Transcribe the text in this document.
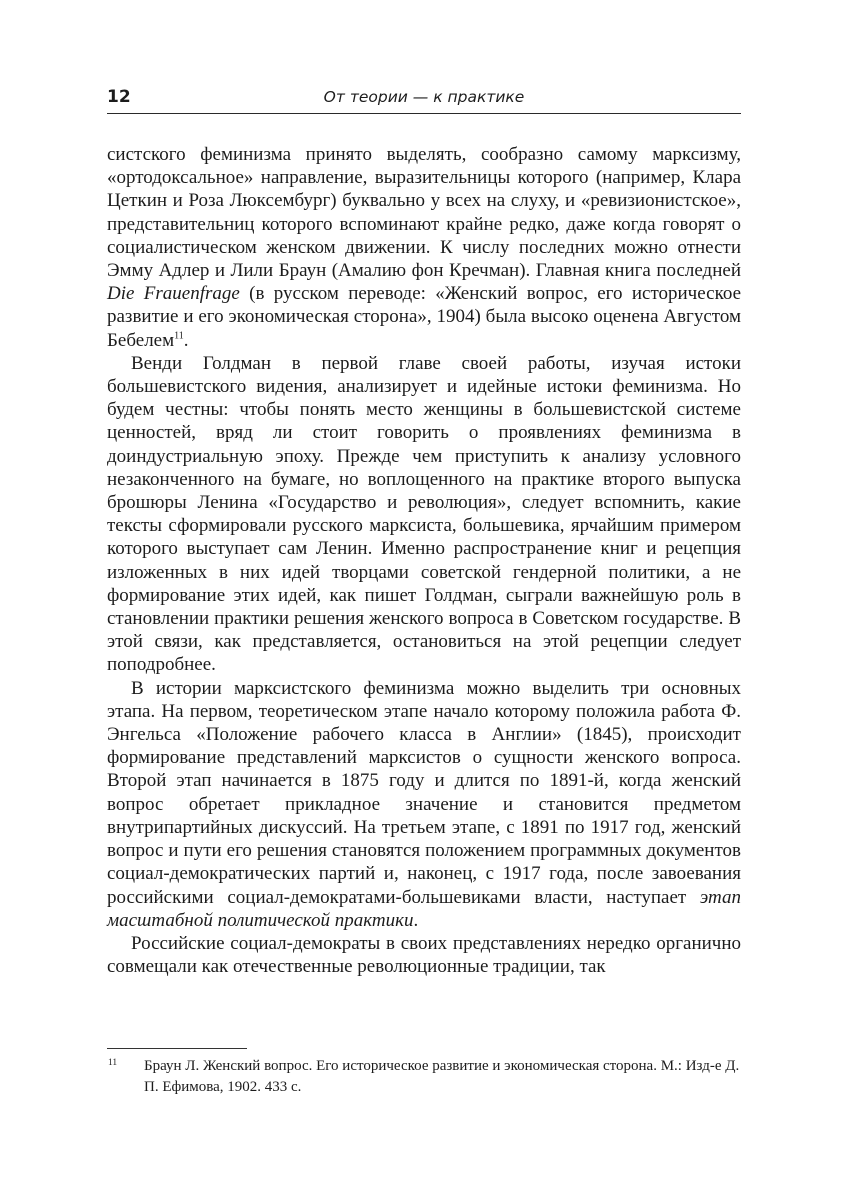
12	От теории — к практике

систского феминизма принято выделять, сообразно самому марксизму, «ортодоксальное» направление, выразительницы которого (например, Клара Цеткин и Роза Люксембург) буквально у всех на слуху, и «ревизионистское», представительниц которого вспоминают крайне редко, даже когда говорят о социалистическом женском движении. К числу последних можно отнести Эмму Адлер и Лили Браун (Амалию фон Кречман). Главная книга последней Die Frauenfrage (в русском переводе: «Женский вопрос, его историческое развитие и его экономическая сторона», 1904) была высоко оценена Августом Бебелем$^{11}$.

Венди Голдман в первой главе своей работы, изучая истоки большевистского видения, анализирует и идейные истоки феминизма. Но будем честны: чтобы понять место женщины в большевистской системе ценностей, вряд ли стоит говорить о проявлениях феминизма в доиндустриальную эпоху. Прежде чем приступить к анализу условного незаконченного на бумаге, но воплощенного на практике второго выпуска брошюры Ленина «Государство и революция», следует вспомнить, какие тексты сформировали русского марксиста, большевика, ярчайшим примером которого выступает сам Ленин. Именно распространение книг и рецепция изложенных в них идей творцами советской гендерной политики, а не формирование этих идей, как пишет Голдман, сыграли важнейшую роль в становлении практики решения женского вопроса в Советском государстве. В этой связи, как представляется, остановиться на этой рецепции следует поподробнее.

В истории марксистского феминизма можно выделить три основных этапа. На первом, теоретическом этапе начало которому положила работа Ф. Энгельса «Положение рабочего класса в Англии» (1845), происходит формирование представлений марксистов о сущности женского вопроса. Второй этап начинается в 1875 году и длится по 1891-й, когда женский вопрос обретает прикладное значение и становится предметом внутрипартийных дискуссий. На третьем этапе, с 1891 по 1917 год, женский вопрос и пути его решения становятся положением программных документов социал-демократических партий и, наконец, с 1917 года, после завоевания российскими социал-демократами-большевиками власти, наступает этап масштабной политической практики.

Российские социал-демократы в своих представлениях нередко органично совмещали как отечественные революционные традиции, так

11 Браун Л. Женский вопрос. Его историческое развитие и экономическая сторона. М.: Изд-е Д. П. Ефимова, 1902. 433 с.
